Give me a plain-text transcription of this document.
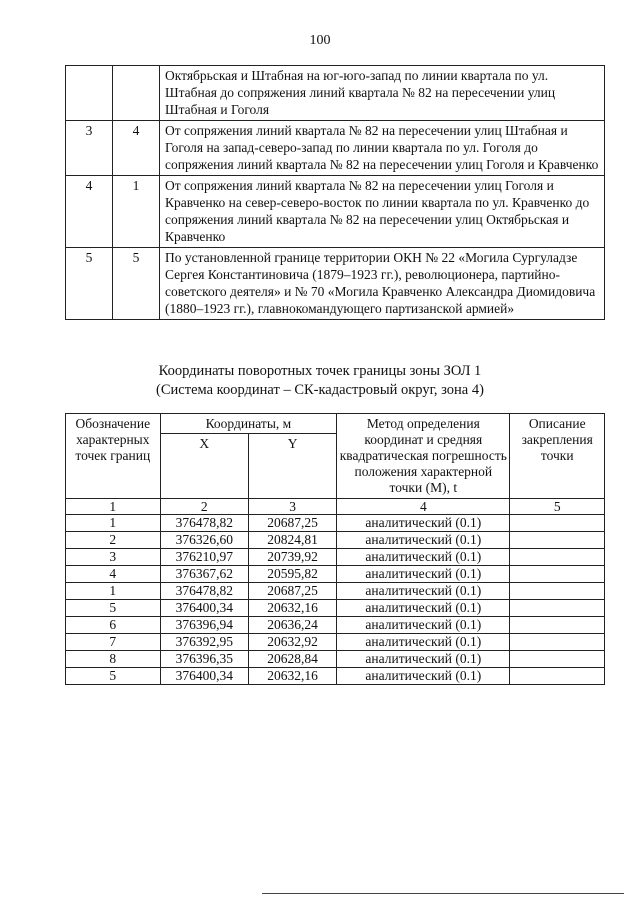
100
		Октябрьская и Штабная на юг-юго-запад по линии квартала по ул. Штабная до сопряжения линий квартала № 82 на пересечении улиц Штабная и Гоголя
3	4	От сопряжения линий квартала № 82 на пересечении улиц Штабная и Гоголя на запад-северо-запад по линии квартала по ул. Гоголя до сопряжения линий квартала № 82 на пересечении улиц Гоголя и Кравченко
4	1	От сопряжения линий квартала № 82 на пересечении улиц Гоголя и Кравченко на север-северо-восток по линии квартала по ул. Кравченко до сопряжения линий квартала № 82 на пересечении улиц Октябрьская и Кравченко
5	5	По установленной границе территории ОКН № 22 «Могила Сургуладзе Сергея Константиновича (1879–1923 гг.), революционера, партийно-советского деятеля» и № 70 «Могила Кравченко Александра Диомидовича (1880–1923 гг.), главнокомандующего партизанской армией»
Координаты поворотных точек границы зоны ЗОЛ 1
(Система координат – СК-кадастровый округ, зона 4)
Обозначение характерных точек границ	Координаты, м		Метод определения координат и средняя квадратическая погрешность положения характерной точки (М), t	Описание закрепления точки
	X	Y		
1	2	3	4	5
1	376478,82	20687,25	аналитический (0.1)	
2	376326,60	20824,81	аналитический (0.1)	
3	376210,97	20739,92	аналитический (0.1)	
4	376367,62	20595,82	аналитический (0.1)	
1	376478,82	20687,25	аналитический (0.1)	
5	376400,34	20632,16	аналитический (0.1)	
6	376396,94	20636,24	аналитический (0.1)	
7	376392,95	20632,92	аналитический (0.1)	
8	376396,35	20628,84	аналитический (0.1)	
5	376400,34	20632,16	аналитический (0.1)	
